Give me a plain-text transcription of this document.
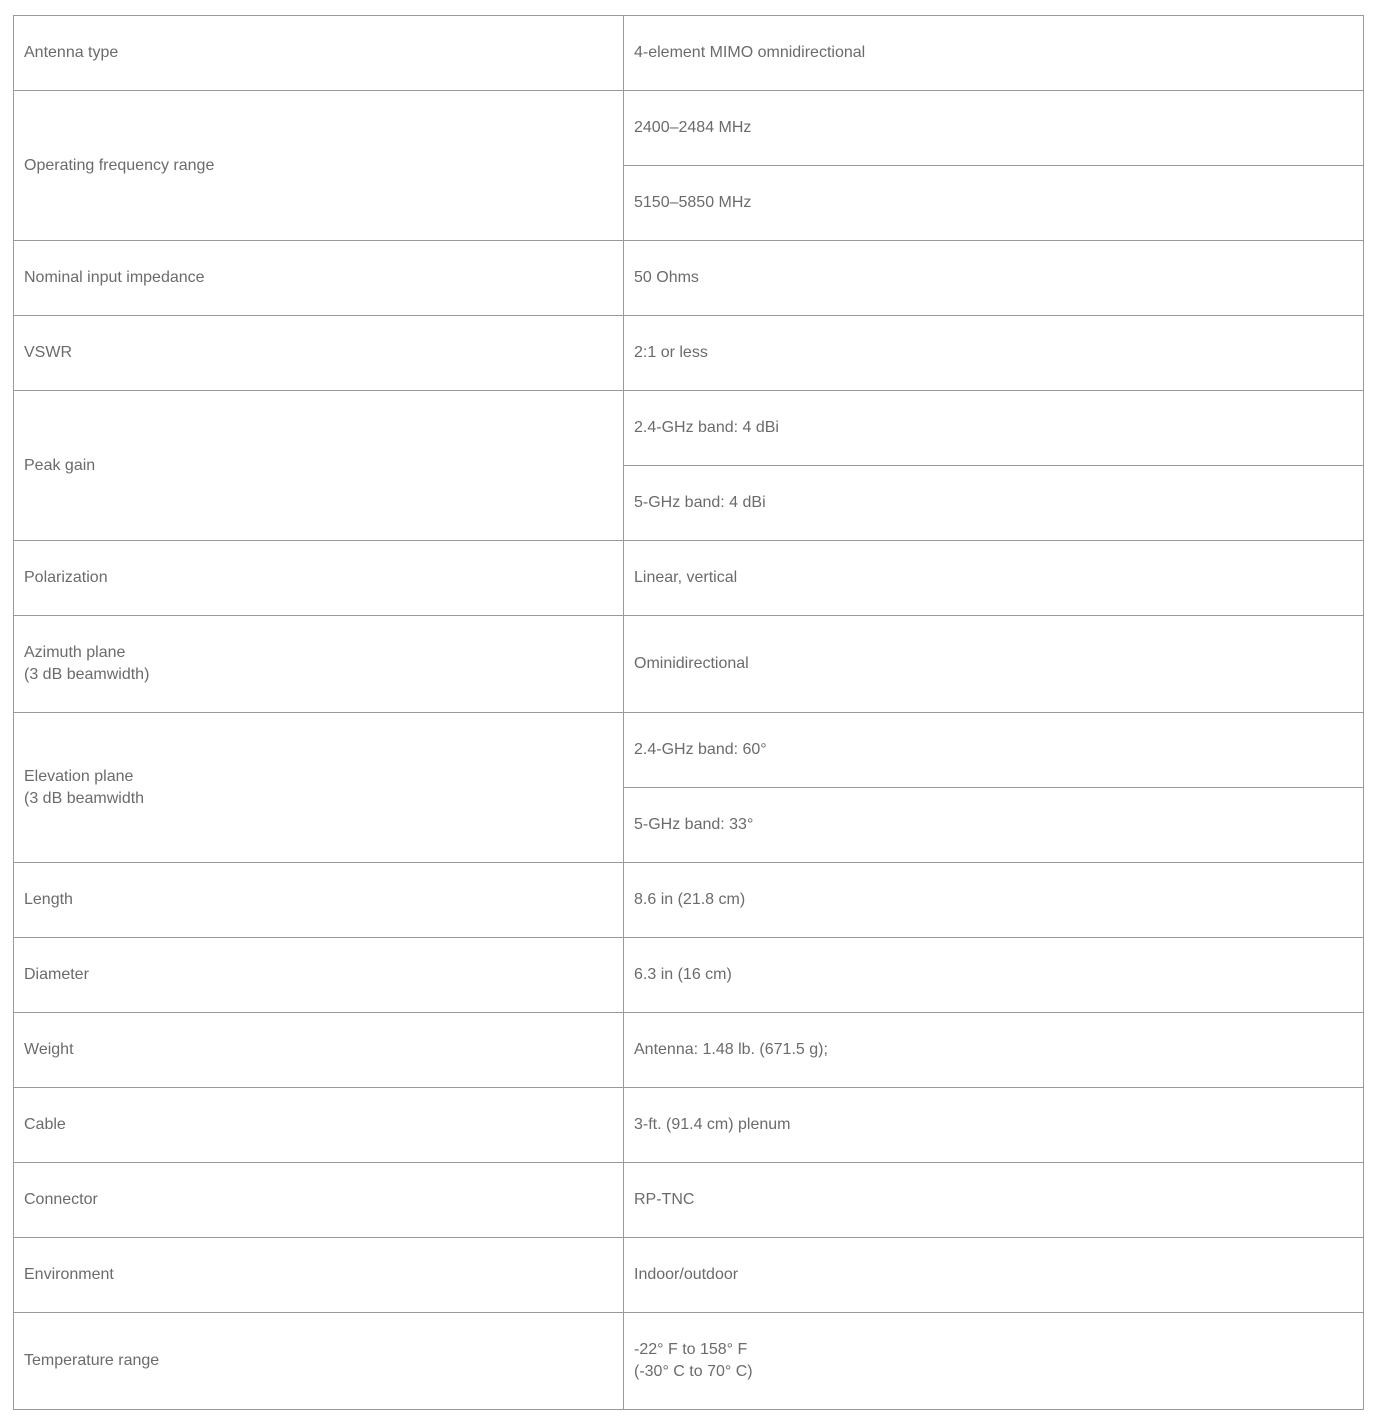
Antenna type	4-element MIMO omnidirectional

Operating frequency range	2400–2484 MHz

	5150–5850 MHz

Nominal input impedance	50 Ohms

VSWR	2:1 or less

Peak gain	2.4-GHz band: 4 dBi

	5-GHz band: 4 dBi

Polarization	Linear, vertical

Azimuth plane
(3 dB beamwidth)	Ominidirectional

Elevation plane
(3 dB beamwidth	2.4-GHz band: 60°

	5-GHz band: 33°

Length	8.6 in (21.8 cm)

Diameter	6.3 in (16 cm)

Weight	Antenna: 1.48 lb. (671.5 g);

Cable	3-ft. (91.4 cm) plenum

Connector	RP-TNC

Environment	Indoor/outdoor

Temperature range	-22° F to 158° F
(-30° C to 70° C)
